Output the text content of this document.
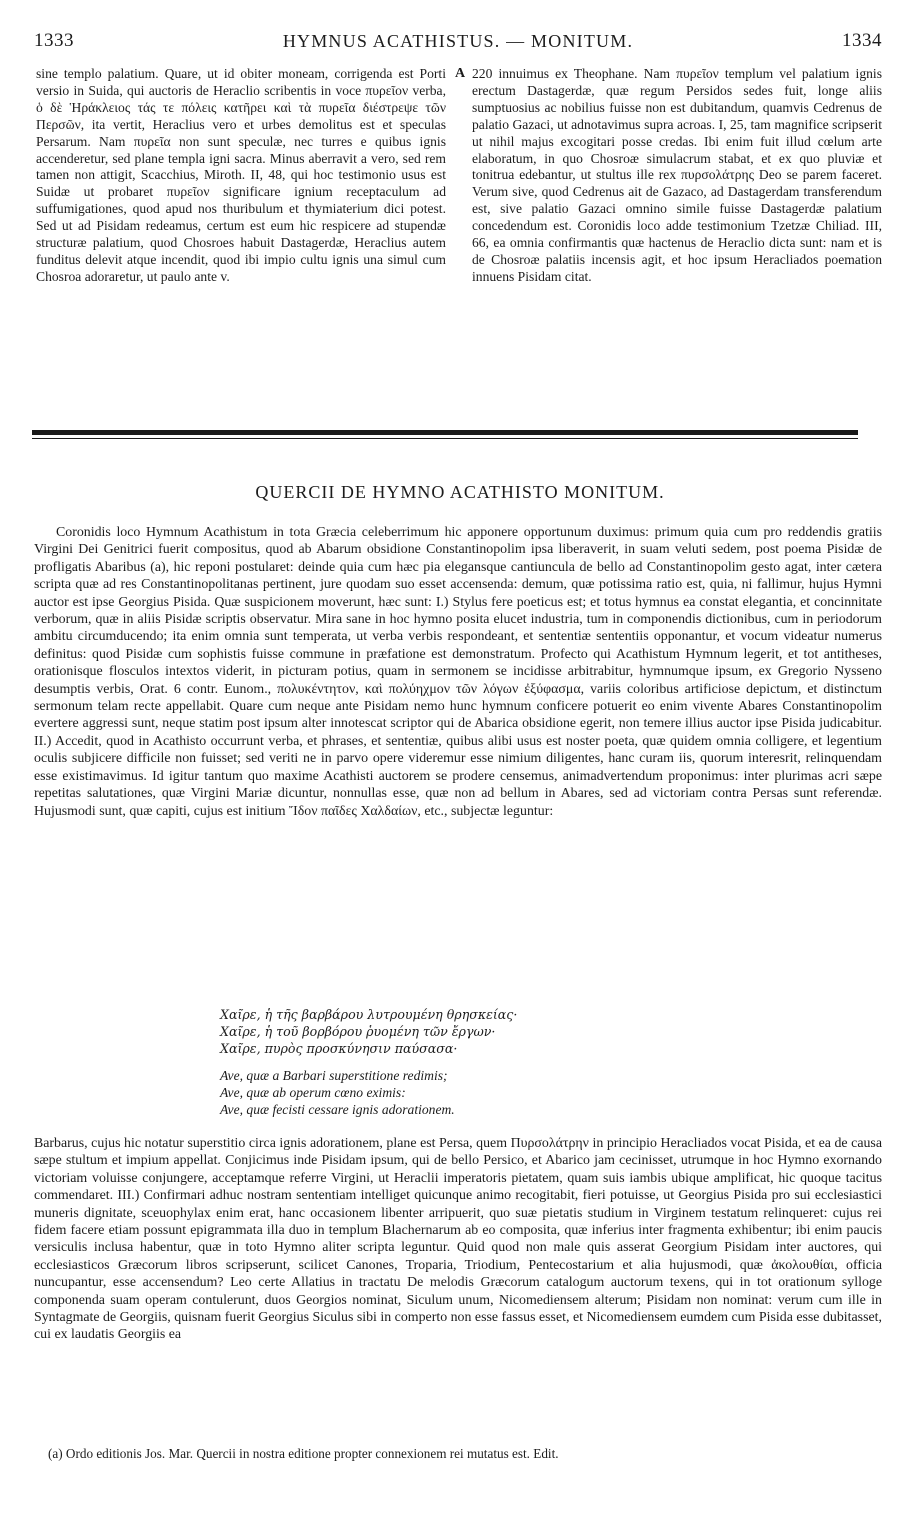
1333	HYMNUS ACATHISTUS. — MONITUM.	1334

sine templo palatium. Quare, ut id obiter moneam, corrigenda est Porti versio in Suida, qui auctoris de Heraclio scribentis in voce πυρεῖον verba, ὁ δὲ Ἡράκλειος τάς τε πόλεις κατῆρει καὶ τὰ πυρεῖα διέστρεψε τῶν Περσῶν, ita vertit, Heraclius vero et urbes demolitus est et speculas Persarum. Nam πυρεῖα non sunt speculæ, nec turres e quibus ignis accenderetur, sed plane templa igni sacra. Minus aberravit a vero, sed rem tamen non attigit, Scacchius, Miroth. II, 48, qui hoc testimonio usus est Suidæ ut probaret πυρεῖον significare ignium receptaculum ad suffumigationes, quod apud nos thuribulum et thymiaterium dici potest. Sed ut ad Pisidam redeamus, certum est eum hic respicere ad stupendæ structuræ palatium, quod Chosroes habuit Dastagerdæ, Heraclius autem funditus delevit atque incendit, quod ibi impio cultu ignis una simul cum Chosroa adoraretur, ut paulo ante v.

A 220 innuimus ex Theophane. Nam πυρεῖον templum vel palatium ignis erectum Dastagerdæ, quæ regum Persidos sedes fuit, longe aliis sumptuosius ac nobilius fuisse non est dubitandum, quamvis Cedrenus de palatio Gazaci, ut adnotavimus supra acroas. I, 25, tam magnifice scripserit ut nihil majus excogitari posse credas. Ibi enim fuit illud cœlum arte elaboratum, in quo Chosroæ simulacrum stabat, et ex quo pluviæ et tonitrua edebantur, ut stultus ille rex πυρσολάτρης Deo se parem faceret. Verum sive, quod Cedrenus ait de Gazaco, ad Dastagerdam transferendum est, sive palatio Gazaci omnino simile fuisse Dastagerdæ palatium concedendum est. Coronidis loco adde testimonium Tzetzæ Chiliad. III, 66, ea omnia confirmantis quæ hactenus de Heraclio dicta sunt: nam et is de Chosroæ palatiis incensis agit, et hoc ipsum Heracliados poemation innuens Pisidam citat.

QUERCII DE HYMNO ACATHISTO MONITUM.

Coronidis loco Hymnum Acathistum in tota Græcia celeberrimum hic apponere opportunum duximus: primum quia cum pro reddendis gratiis Virgini Dei Genitrici fuerit compositus, quod ab Abarum obsidione Constantinopolim ipsa liberaverit, in suam veluti sedem, post poema Pisidæ de profligatis Abaribus (a), hic reponi postularet: deinde quia cum hæc pia elegansque cantiuncula de bello ad Constantinopolim gesto agat, inter cætera scripta quæ ad res Constantinopolitanas pertinent, jure quodam suo esset accensenda: demum, quæ potissima ratio est, quia, ni fallimur, hujus Hymni auctor est ipse Georgius Pisida. Quæ suspicionem moverunt, hæc sunt: I.) Stylus fere poeticus est; et totus hymnus ea constat elegantia, et concinnitate verborum, quæ in aliis Pisidæ scriptis observatur. Mira sane in hoc hymno posita elucet industria, tum in componendis dictionibus, cum in periodorum ambitu circumducendo; ita enim omnia sunt temperata, ut verba verbis respondeant, et sententiæ sententiis opponantur, et vocum videatur numerus definitus: quod Pisidæ cum sophistis fuisse commune in præfatione est demonstratum. Profecto qui Acathistum Hymnum legerit, et tot antitheses, orationisque flosculos intextos viderit, in picturam potius, quam in sermonem se incidisse arbitrabitur, hymnumque ipsum, ex Gregorio Nysseno desumptis verbis, Orat. 6 contr. Eunom., πολυκέντητον, καὶ πολύηχμον τῶν λόγων ἐξύφασμα, variis coloribus artificiose depictum, et distinctum sermonum telam recte appellabit. Quare cum neque ante Pisidam nemo hunc hymnum conficere potuerit eo enim vivente Abares Constantinopolim evertere aggressi sunt, neque statim post ipsum alter innotescat scriptor qui de Abarica obsidione egerit, non temere illius auctor ipse Pisida judicabitur. II.) Accedit, quod in Acathisto occurrunt verba, et phrases, et sententiæ, quibus alibi usus est noster poeta, quæ quidem omnia colligere, et legentium oculis subjicere difficile non fuisset; sed veriti ne in parvo opere videremur esse nimium diligentes, hanc curam iis, quorum interesrit, relinquendam esse existimavimus. Id igitur tantum quo maxime Acathisti auctorem se prodere censemus, animadvertendum proponimus: inter plurimas acri sæpe repetitas salutationes, quæ Virgini Mariæ dicuntur, nonnullas esse, quæ non ad bellum in Abares, sed ad victoriam contra Persas sunt referendæ. Hujusmodi sunt, quæ capiti, cujus est initium Ἴδον παῖδες Χαλδαίων, etc., subjectæ leguntur:

Χαῖρε, ἡ τῆς βαρβάρου λυτρουμένη θρησκείας·
Χαῖρε, ἡ τοῦ βορβόρου ῥυομένη τῶν ἔργων·
Χαῖρε, πυρὸς προσκύνησιν παύσασα·
Ave, quæ a Barbari superstitione redimis;
Ave, quæ ab operum cœno eximis:
Ave, quæ fecisti cessare ignis adorationem.

Barbarus, cujus hic notatur superstitio circa ignis adorationem, plane est Persa, quem Πυρσολάτρην in principio Heracliados vocat Pisida, et ea de causa sæpe stultum et impium appellat. Conjicimus inde Pisidam ipsum, qui de bello Persico, et Abarico jam cecinisset, utrumque in hoc Hymno exornando victoriam voluisse conjungere, acceptamque referre Virgini, ut Heraclii imperatoris pietatem, quam suis iambis ubique amplificat, hic quoque tacitus commendaret. III.) Confirmari adhuc nostram sententiam intelliget quicunque animo recogitabit, fieri potuisse, ut Georgius Pisida pro sui ecclesiastici muneris dignitate, sceuophylax enim erat, hanc occasionem libenter arripuerit, quo suæ pietatis studium in Virginem testatum relinqueret: cujus rei fidem facere etiam possunt epigrammata illa duo in templum Blachernarum ab eo composita, quæ inferius inter fragmenta exhibentur; ibi enim paucis versiculis inclusa habentur, quæ in toto Hymno aliter scripta leguntur. Quid quod non male quis asserat Georgium Pisidam inter auctores, qui ecclesiasticos Græcorum libros scripserunt, scilicet Canones, Troparia, Triodium, Pentecostarium et alia hujusmodi, quæ ἀκολουθίαι, officia nuncupantur, esse accensendum? Leo certe Allatius in tractatu De melodis Græcorum catalogum auctorum texens, qui in tot orationum sylloge componenda suam operam contulerunt, duos Georgios nominat, Siculum unum, Nicomediensem alterum; Pisidam non nominat: verum cum ille in Syntagmate de Georgiis, quisnam fuerit Georgius Siculus sibi in comperto non esse fassus esset, et Nicomediensem eumdem cum Pisida esse dubitasset, cui ex laudatis Georgiis ea

(a) Ordo editionis Jos. Mar. Quercii in nostra editione propter connexionem rei mutatus est. Edit.
